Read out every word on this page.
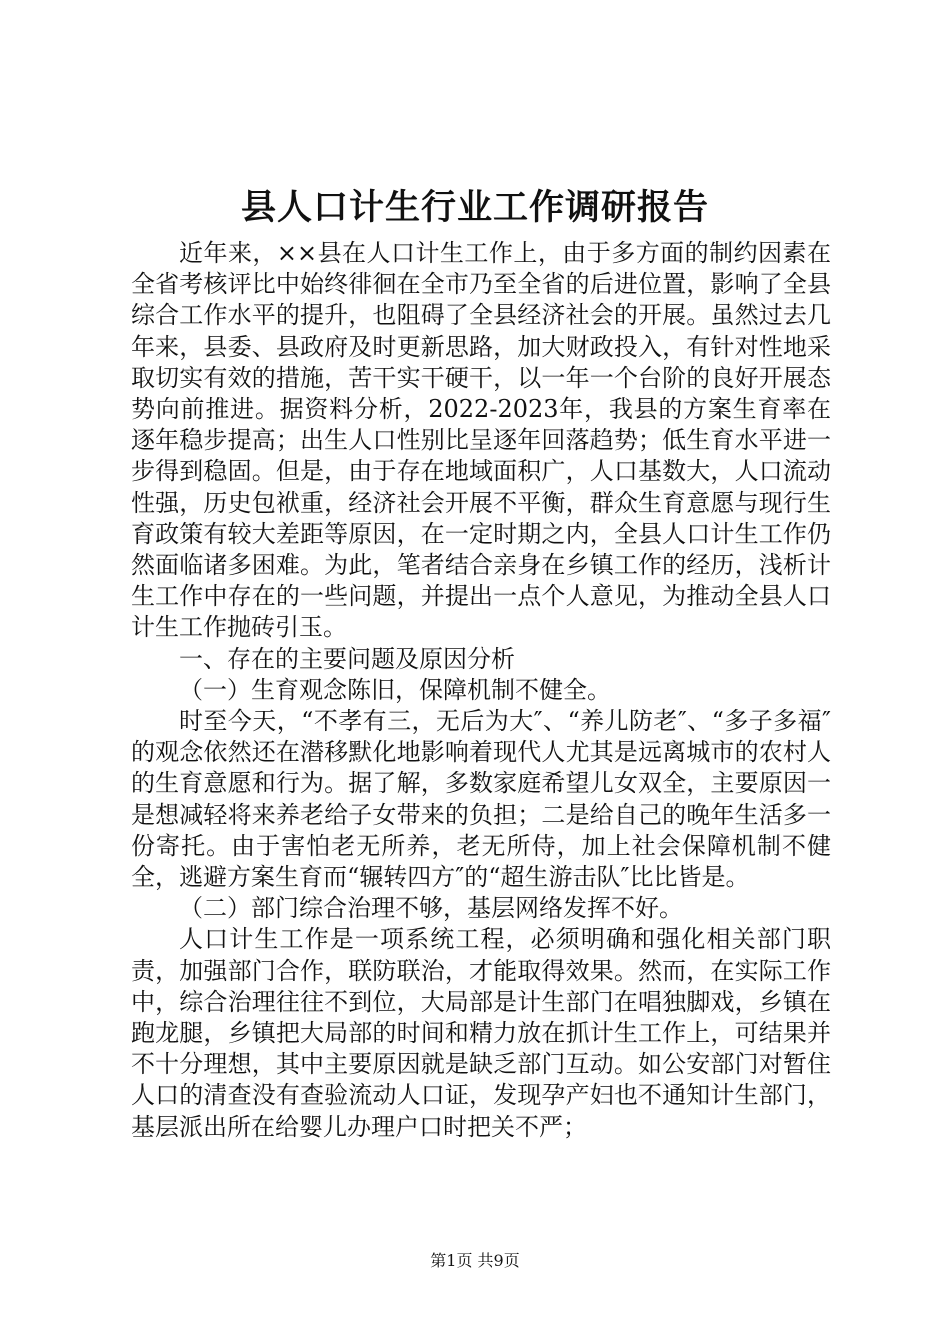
县人口计生行业工作调研报告

近年来，××县在人口计生工作上，由于多方面的制约因素在全省考核评比中始终徘徊在全市乃至全省的后进位置，影响了全县综合工作水平的提升，也阻碍了全县经济社会的开展。虽然过去几年来，县委、县政府及时更新思路，加大财政投入，有针对性地采取切实有效的措施，苦干实干硬干，以一年一个台阶的良好开展态势向前推进。据资料分析，2022-2023年，我县的方案生育率在逐年稳步提高；出生人口性别比呈逐年回落趋势；低生育水平进一步得到稳固。但是，由于存在地域面积广，人口基数大，人口流动性强，历史包袱重，经济社会开展不平衡，群众生育意愿与现行生育政策有较大差距等原因，在一定时期之内，全县人口计生工作仍然面临诸多困难。为此，笔者结合亲身在乡镇工作的经历，浅析计生工作中存在的一些问题，并提出一点个人意见，为推动全县人口计生工作抛砖引玉。

一、存在的主要问题及原因分析

（一）生育观念陈旧，保障机制不健全。

时至今天，“不孝有三，无后为大″、“养儿防老″、“多子多福″的观念依然还在潜移默化地影响着现代人尤其是远离城市的农村人的生育意愿和行为。据了解，多数家庭希望儿女双全，主要原因一是想减轻将来养老给子女带来的负担；二是给自己的晚年生活多一份寄托。由于害怕老无所养，老无所侍，加上社会保障机制不健全，逃避方案生育而“辗转四方″的“超生游击队″比比皆是。

（二）部门综合治理不够，基层网络发挥不好。

人口计生工作是一项系统工程，必须明确和强化相关部门职责，加强部门合作，联防联治，才能取得效果。然而，在实际工作中，综合治理往往不到位，大局部是计生部门在唱独脚戏，乡镇在跑龙腿，乡镇把大局部的时间和精力放在抓计生工作上，可结果并不十分理想，其中主要原因就是缺乏部门互动。如公安部门对暂住人口的清查没有查验流动人口证，发现孕产妇也不通知计生部门，基层派出所在给婴儿办理户口时把关不严；

第1页 共9页
